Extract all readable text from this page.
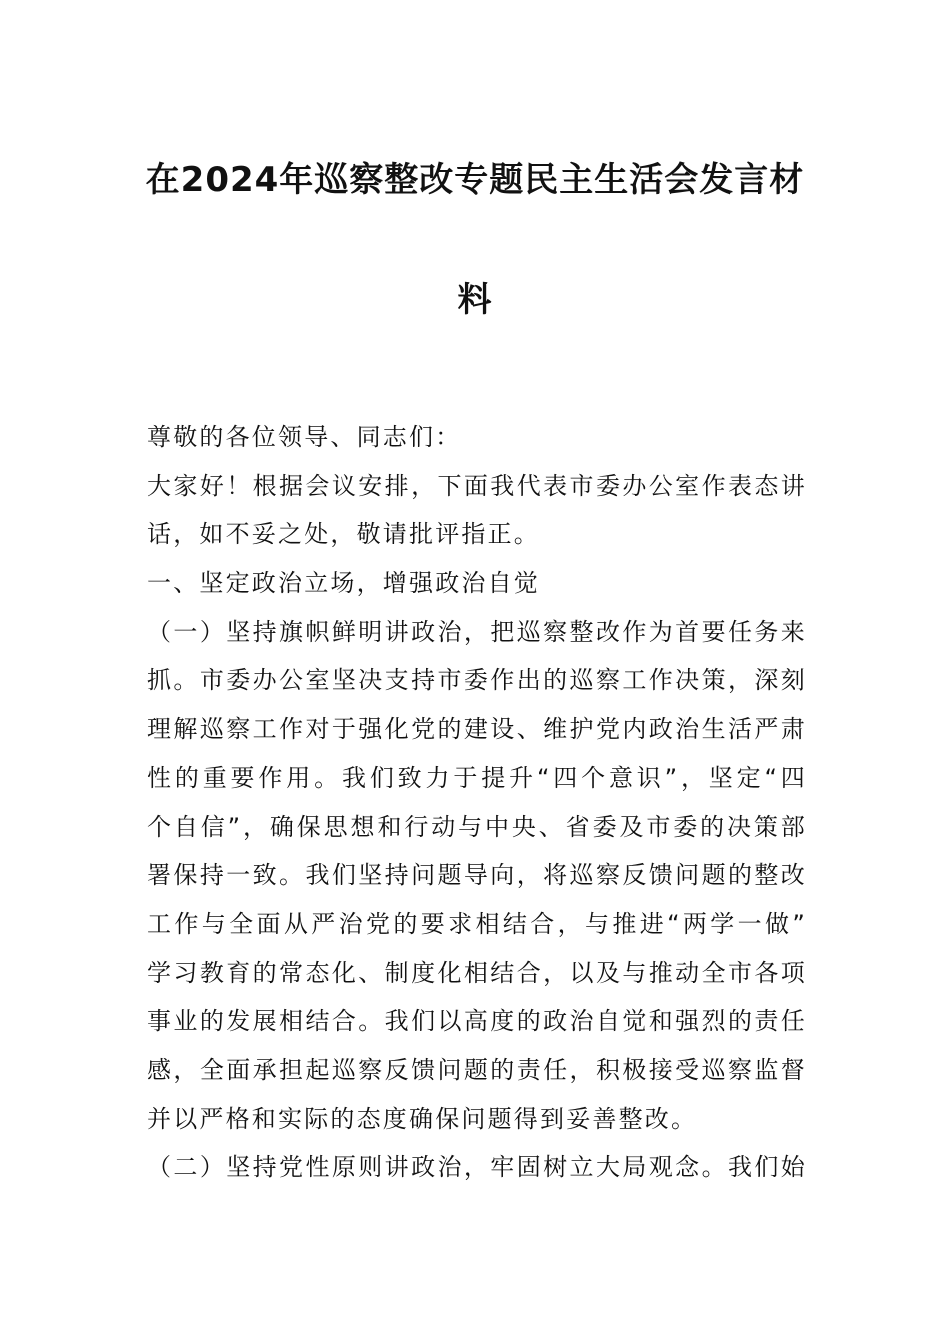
在2024年巡察整改专题民主生活会发言材
料
尊敬的各位领导、同志们：
大家好！根据会议安排，下面我代表市委办公室作表态讲
话，如不妥之处，敬请批评指正。
一、坚定政治立场，增强政治自觉
（一）坚持旗帜鲜明讲政治，把巡察整改作为首要任务来
抓。市委办公室坚决支持市委作出的巡察工作决策，深刻
理解巡察工作对于强化党的建设、维护党内政治生活严肃
性的重要作用。我们致力于提升“四个意识”，坚定“四
个自信”，确保思想和行动与中央、省委及市委的决策部
署保持一致。我们坚持问题导向，将巡察反馈问题的整改
工作与全面从严治党的要求相结合，与推进“两学一做”
学习教育的常态化、制度化相结合，以及与推动全市各项
事业的发展相结合。我们以高度的政治自觉和强烈的责任
感，全面承担起巡察反馈问题的责任，积极接受巡察监督
并以严格和实际的态度确保问题得到妥善整改。
（二）坚持党性原则讲政治，牢固树立大局观念。我们始
